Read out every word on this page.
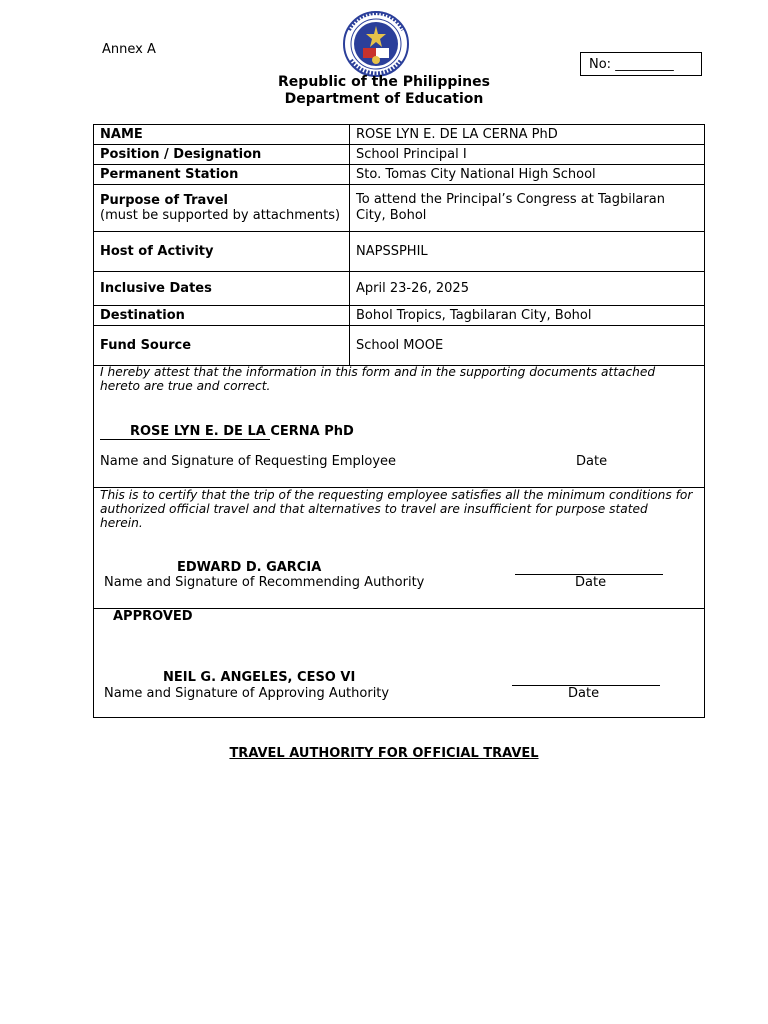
Annex A
No: _________
Republic of the Philippines
Department of Education
NAME	ROSE LYN E. DE LA CERNA PhD
Position / Designation	School Principal I
Permanent Station	Sto. Tomas City National High School
Purpose of Travel
(must be supported by attachments)	To attend the Principal’s Congress at Tagbilaran City, Bohol
Host of Activity	NAPSSPHIL
Inclusive Dates	April 23-26, 2025
Destination	Bohol Tropics, Tagbilaran City, Bohol
Fund Source	School MOOE
I hereby attest that the information in this form and in the supporting documents attached hereto are true and correct.
ROSE LYN E. DE LA CERNA PhD
Name and Signature of Requesting Employee	Date
This is to certify that the trip of the requesting employee satisfies all the minimum conditions for authorized official travel and that alternatives to travel are insufficient for purpose stated herein.
EDWARD D. GARCIA
Name and Signature of Recommending Authority	Date
APPROVED
NEIL G. ANGELES, CESO VI
Name and Signature of Approving Authority	Date
TRAVEL AUTHORITY FOR OFFICIAL TRAVEL
